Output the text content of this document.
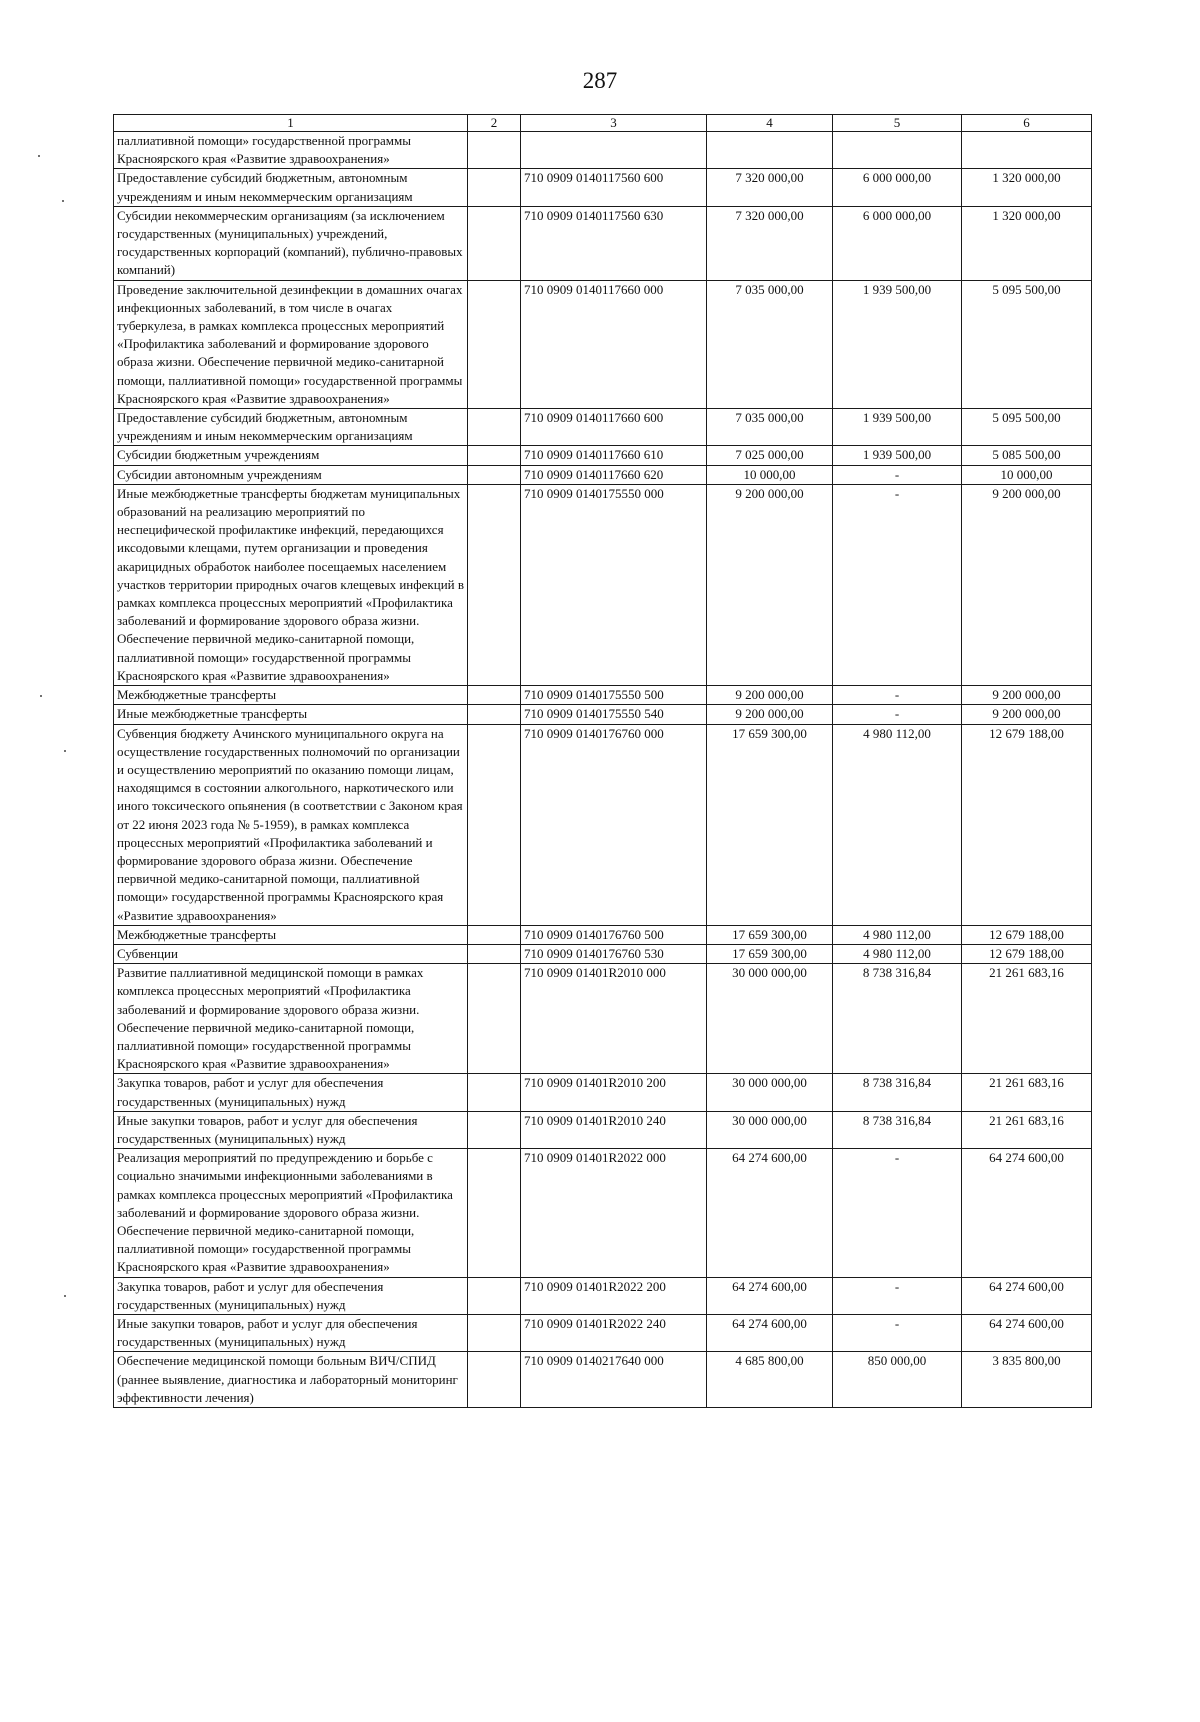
287
1	2	3	4	5	6
паллиативной помощи» государственной программы Красноярского края «Развитие здравоохранения»					
Предоставление субсидий бюджетным, автономным учреждениям и иным некоммерческим организациям		710 0909 0140117560 600	7 320 000,00	6 000 000,00	1 320 000,00
Субсидии некоммерческим организациям (за исключением государственных (муниципальных) учреждений, государственных корпораций (компаний), публично-правовых компаний)		710 0909 0140117560 630	7 320 000,00	6 000 000,00	1 320 000,00
Проведение заключительной дезинфекции в домашних очагах инфекционных заболеваний, в том числе в очагах туберкулеза, в рамках комплекса процессных мероприятий «Профилактика заболеваний и формирование здорового образа жизни. Обеспечение первичной медико-санитарной помощи, паллиативной помощи» государственной программы Красноярского края «Развитие здравоохранения»		710 0909 0140117660 000	7 035 000,00	1 939 500,00	5 095 500,00
Предоставление субсидий бюджетным, автономным учреждениям и иным некоммерческим организациям		710 0909 0140117660 600	7 035 000,00	1 939 500,00	5 095 500,00
Субсидии бюджетным учреждениям		710 0909 0140117660 610	7 025 000,00	1 939 500,00	5 085 500,00
Субсидии автономным учреждениям		710 0909 0140117660 620	10 000,00	-	10 000,00
Иные межбюджетные трансферты бюджетам муниципальных образований на реализацию мероприятий по неспецифической профилактике инфекций, передающихся иксодовыми клещами, путем организации и проведения акарицидных обработок наиболее посещаемых населением участков территории природных очагов клещевых инфекций в рамках комплекса процессных мероприятий «Профилактика заболеваний и формирование здорового образа жизни. Обеспечение первичной медико-санитарной помощи, паллиативной помощи» государственной программы Красноярского края «Развитие здравоохранения»		710 0909 0140175550 000	9 200 000,00	-	9 200 000,00
Межбюджетные трансферты		710 0909 0140175550 500	9 200 000,00	-	9 200 000,00
Иные межбюджетные трансферты		710 0909 0140175550 540	9 200 000,00	-	9 200 000,00
Субвенция бюджету Ачинского муниципального округа на осуществление государственных полномочий по организации и осуществлению мероприятий по оказанию помощи лицам, находящимся в состоянии алкогольного, наркотического или иного токсического опьянения (в соответствии с Законом края от 22 июня 2023 года № 5-1959), в рамках комплекса процессных мероприятий «Профилактика заболеваний и формирование здорового образа жизни. Обеспечение первичной медико-санитарной помощи, паллиативной помощи» государственной программы Красноярского края «Развитие здравоохранения»		710 0909 0140176760 000	17 659 300,00	4 980 112,00	12 679 188,00
Межбюджетные трансферты		710 0909 0140176760 500	17 659 300,00	4 980 112,00	12 679 188,00
Субвенции		710 0909 0140176760 530	17 659 300,00	4 980 112,00	12 679 188,00
Развитие паллиативной медицинской помощи в рамках комплекса процессных мероприятий «Профилактика заболеваний и формирование здорового образа жизни. Обеспечение первичной медико-санитарной помощи, паллиативной помощи» государственной программы Красноярского края «Развитие здравоохранения»		710 0909 01401R2010 000	30 000 000,00	8 738 316,84	21 261 683,16
Закупка товаров, работ и услуг для обеспечения государственных (муниципальных) нужд		710 0909 01401R2010 200	30 000 000,00	8 738 316,84	21 261 683,16
Иные закупки товаров, работ и услуг для обеспечения государственных (муниципальных) нужд		710 0909 01401R2010 240	30 000 000,00	8 738 316,84	21 261 683,16
Реализация мероприятий по предупреждению и борьбе с социально значимыми инфекционными заболеваниями в рамках комплекса процессных мероприятий «Профилактика заболеваний и формирование здорового образа жизни. Обеспечение первичной медико-санитарной помощи, паллиативной помощи» государственной программы Красноярского края «Развитие здравоохранения»		710 0909 01401R2022 000	64 274 600,00	-	64 274 600,00
Закупка товаров, работ и услуг для обеспечения государственных (муниципальных) нужд		710 0909 01401R2022 200	64 274 600,00	-	64 274 600,00
Иные закупки товаров, работ и услуг для обеспечения государственных (муниципальных) нужд		710 0909 01401R2022 240	64 274 600,00	-	64 274 600,00
Обеспечение медицинской помощи больным ВИЧ/СПИД (раннее выявление, диагностика и лабораторный мониторинг эффективности лечения)		710 0909 0140217640 000	4 685 800,00	850 000,00	3 835 800,00
